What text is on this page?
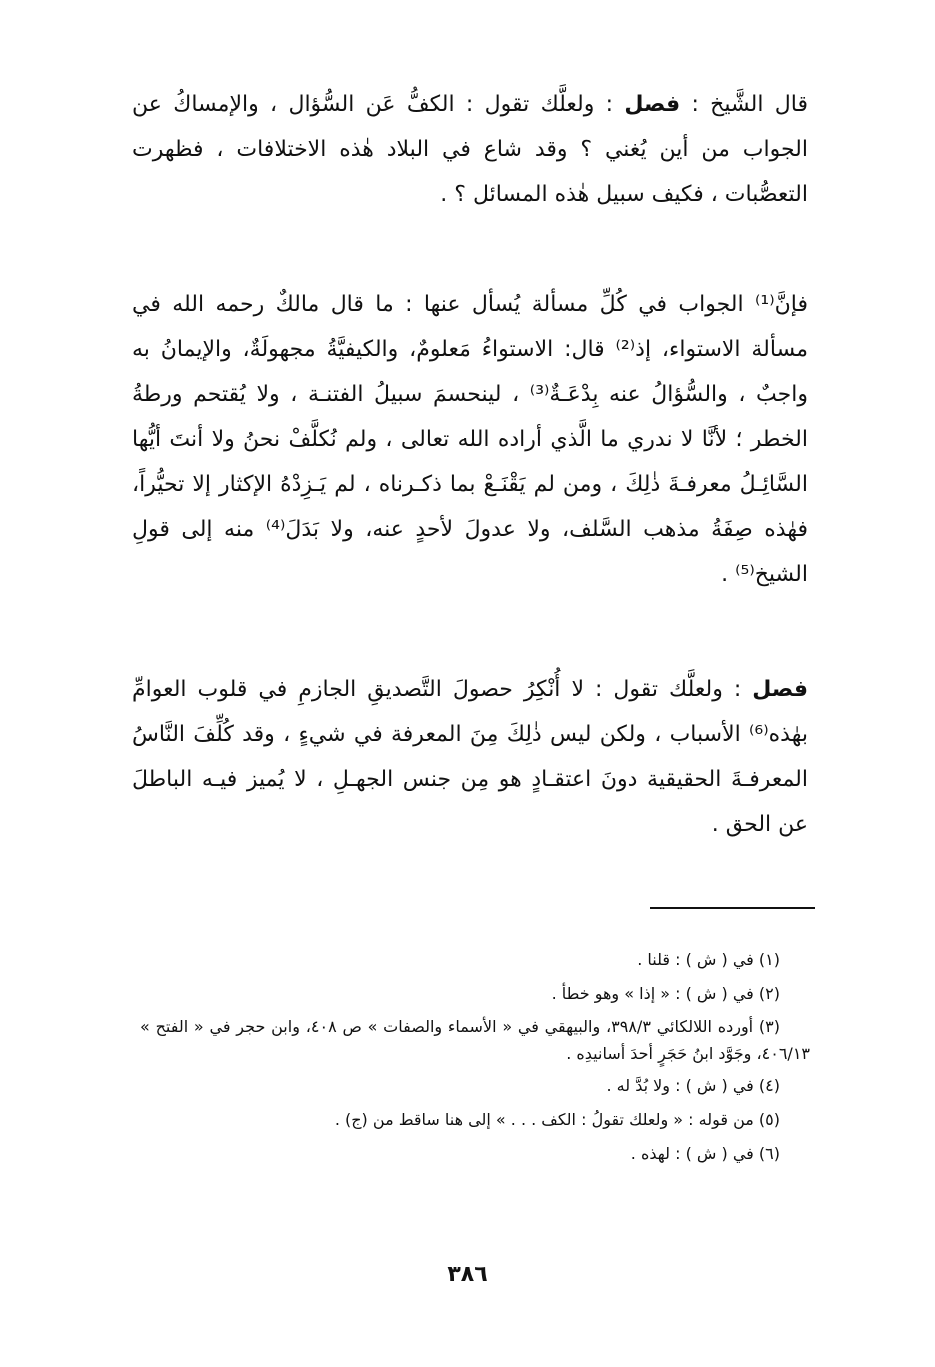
قال الشَّيخ : فصل : ولعلَّك تقول : الكفُّ عَن السُّؤال ، والإمساكُ عن الجواب من أين يُغني ؟ وقد شاع في البلاد هٰذه الاختلافات ، فظهرت التعصُّبات ، فكيف سبيل هٰذه المسائل ؟ .

فإنَّ⁽¹⁾ الجواب في كُلِّ مسألة يُسأل عنها : ما قال مالكٌ رحمه الله في مسألة الاستواء، إذ⁽²⁾ قال: الاستواءُ مَعلومٌ، والكيفيَّةُ مجهولَةٌ، والإيمانُ به واجبٌ ، والسُّؤالُ عنه بِدْعَـةٌ⁽³⁾ ، لينحسمَ سبيلُ الفتنـة ، ولا يُقتحم ورطةُ الخطر ؛ لأنَّا لا ندري ما الَّذي أراده الله تعالى ، ولم نُكلَّفْ نحنُ ولا أنتَ أيُّها السَّائِـلُ معرفـةَ ذٰلِكَ ، ومن لم يَقْنَـعْ بما ذكـرناه ، لم يَـزِدْهُ الإكثار إلا تحيُّراً، فهٰذه صِفَةُ مذهب السَّلف، ولا عدولَ لأحدٍ عنه، ولا بَدَلَ⁽⁴⁾ منه إلى قولِ الشيخ⁽⁵⁾ .

فصل : ولعلَّك تقول : لا أُنْكِرُ حصولَ التَّصديقِ الجازمِ في قلوب العوامِّ بهٰذه⁽⁶⁾ الأسباب ، ولكن ليس ذٰلِكَ مِنَ المعرفة في شيءٍ ، وقد كُلِّفَ النَّاسُ المعرفـةَ الحقيقية دونَ اعتقـادٍ هو مِن جنس الجهـلِ ، لا يُميز فيـه الباطلَ عن الحق .

(١) في ( ش ) : قلنا .

(٢) في ( ش ) : « إذا » وهو خطأ .

(٣) أورده اللالكائي ٣٩٨/٣، والبيهقي في « الأسماء والصفات » ص ٤٠٨، وابن حجر في « الفتح » ٤٠٦/١٣، وجَوَّد ابنُ حَجَرٍ أحدَ أسانيدِه .

(٤) في ( ش ) : ولا بُدَّ له .

(٥) من قوله : « ولعلك تقولُ : الكف . . . » إلى هنا ساقط من (ج) .

(٦) في ( ش ) : لهذه .

٣٨٦
